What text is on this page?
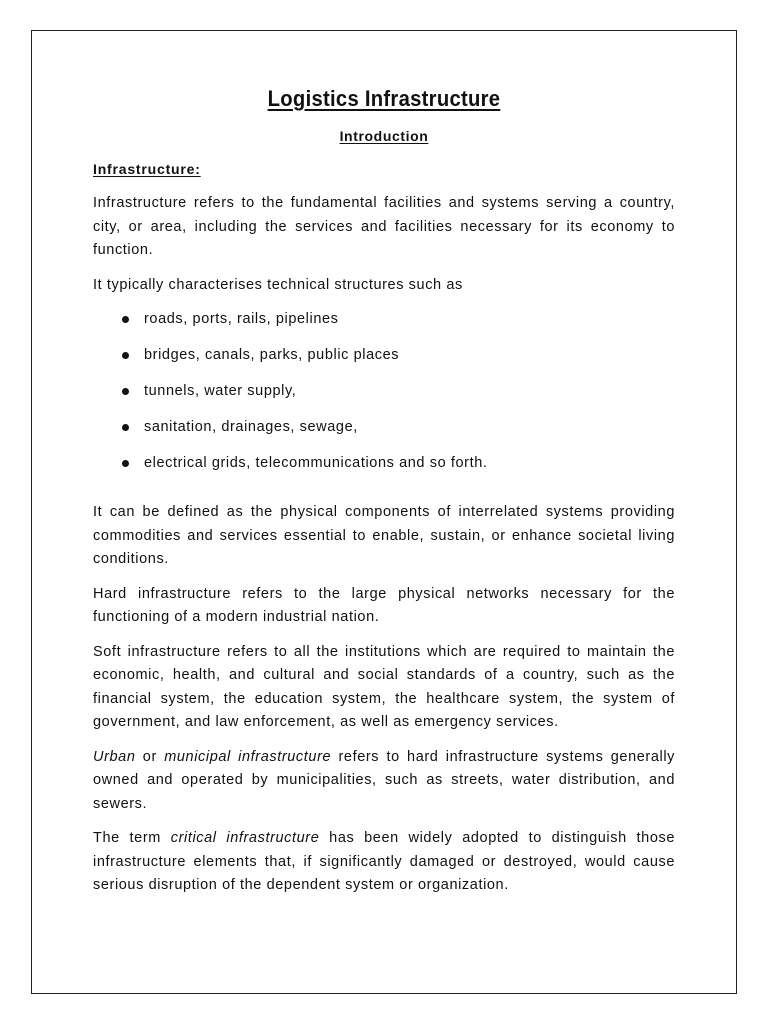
Logistics Infrastructure
Introduction
Infrastructure:

Infrastructure refers to the fundamental facilities and systems serving a country, city, or area, including the services and facilities necessary for its economy to function.

It typically characterises technical structures such as

roads, ports, rails, pipelines
bridges, canals, parks, public places
tunnels, water supply,
sanitation, drainages, sewage,
electrical grids, telecommunications and so forth.

It can be defined as the physical components of interrelated systems providing commodities and services essential to enable, sustain, or enhance societal living conditions.

Hard infrastructure refers to the large physical networks necessary for the functioning of a modern industrial nation.

Soft infrastructure refers to all the institutions which are required to maintain the economic, health, and cultural and social standards of a country, such as the financial system, the education system, the healthcare system, the system of government, and law enforcement, as well as emergency services.

Urban or municipal infrastructure refers to hard infrastructure systems generally owned and operated by municipalities, such as streets, water distribution, and sewers.

The term critical infrastructure has been widely adopted to distinguish those infrastructure elements that, if significantly damaged or destroyed, would cause serious disruption of the dependent system or organization.
